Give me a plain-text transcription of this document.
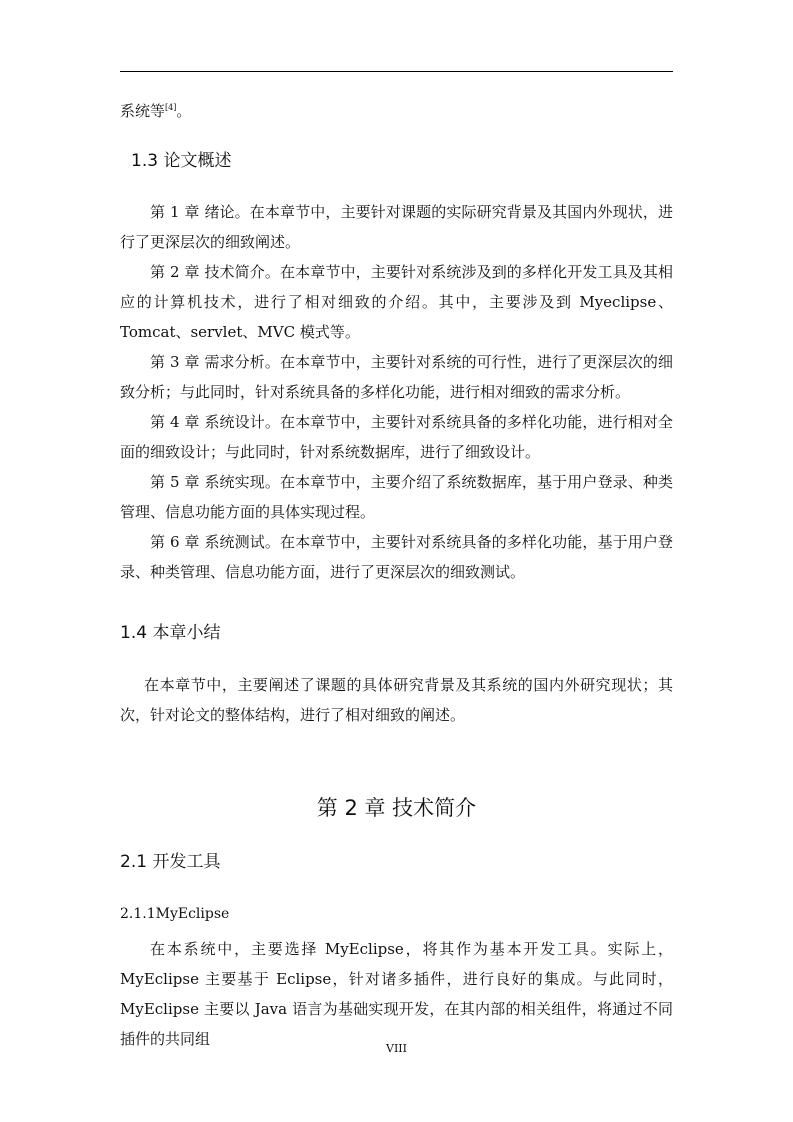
系统等[4]。
1.3 论文概述
第 1 章 绪论。在本章节中，主要针对课题的实际研究背景及其国内外现状，进行了更深层次的细致阐述。
第 2 章 技术简介。在本章节中，主要针对系统涉及到的多样化开发工具及其相应的计算机技术，进行了相对细致的介绍。其中，主要涉及到 Myeclipse、Tomcat、servlet、MVC 模式等。
第 3 章 需求分析。在本章节中，主要针对系统的可行性，进行了更深层次的细致分析；与此同时，针对系统具备的多样化功能，进行相对细致的需求分析。
第 4 章 系统设计。在本章节中，主要针对系统具备的多样化功能，进行相对全面的细致设计；与此同时，针对系统数据库，进行了细致设计。
第 5 章 系统实现。在本章节中，主要介绍了系统数据库，基于用户登录、种类管理、信息功能方面的具体实现过程。
第 6 章 系统测试。在本章节中，主要针对系统具备的多样化功能，基于用户登录、种类管理、信息功能方面，进行了更深层次的细致测试。
1.4 本章小结
在本章节中，主要阐述了课题的具体研究背景及其系统的国内外研究现状；其次，针对论文的整体结构，进行了相对细致的阐述。
第 2 章 技术简介
2.1 开发工具
2.1.1MyEclipse
在本系统中，主要选择 MyEclipse，将其作为基本开发工具。实际上，MyEclipse 主要基于 Eclipse，针对诸多插件，进行良好的集成。与此同时，MyEclipse 主要以 Java 语言为基础实现开发，在其内部的相关组件，将通过不同插件的共同组
VIII
